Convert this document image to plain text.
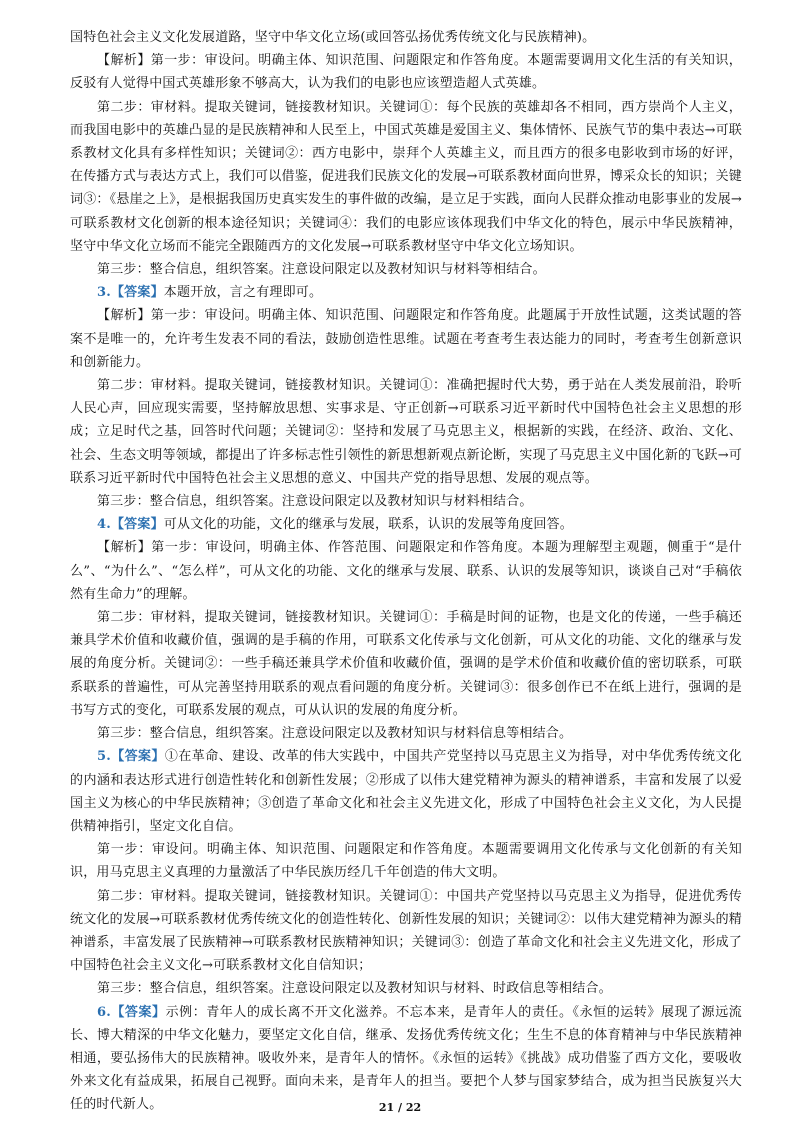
国特色社会主义文化发展道路，坚守中华文化立场(或回答弘扬优秀传统文化与民族精神)。

【解析】第一步：审设问。明确主体、知识范围、问题限定和作答角度。本题需要调用文化生活的有关知识，反驳有人觉得中国式英雄形象不够高大，认为我们的电影也应该塑造超人式英雄。

第二步：审材料。提取关键词，链接教材知识。关键词①：每个民族的英雄却各不相同，西方崇尚个人主义，而我国电影中的英雄凸显的是民族精神和人民至上，中国式英雄是爱国主义、集体情怀、民族气节的集中表达→可联系教材文化具有多样性知识；关键词②：西方电影中，崇拜个人英雄主义，而且西方的很多电影收到市场的好评，在传播方式与表达方式上，我们可以借鉴，促进我们民族文化的发展→可联系教材面向世界，博采众长的知识；关键词③：《悬崖之上》，是根据我国历史真实发生的事件做的改编，是立足于实践，面向人民群众推动电影事业的发展→可联系教材文化创新的根本途径知识；关键词④：我们的电影应该体现我们中华文化的特色，展示中华民族精神，坚守中华文化立场而不能完全跟随西方的文化发展→可联系教材坚守中华文化立场知识。

第三步：整合信息，组织答案。注意设问限定以及教材知识与材料等相结合。

3.【答案】本题开放，言之有理即可。

【解析】第一步：审设问。明确主体、知识范围、问题限定和作答角度。此题属于开放性试题，这类试题的答案不是唯一的，允许考生发表不同的看法，鼓励创造性思维。试题在考查考生表达能力的同时，考查考生创新意识和创新能力。

第二步：审材料。提取关键词，链接教材知识。关键词①：准确把握时代大势，勇于站在人类发展前沿，聆听人民心声，回应现实需要，坚持解放思想、实事求是、守正创新→可联系习近平新时代中国特色社会主义思想的形成；立足时代之基，回答时代问题；关键词②：坚持和发展了马克思主义，根据新的实践，在经济、政治、文化、社会、生态文明等领域，都提出了许多标志性引领性的新思想新观点新论断，实现了马克思主义中国化新的飞跃→可联系习近平新时代中国特色社会主义思想的意义、中国共产党的指导思想、发展的观点等。

第三步：整合信息，组织答案。注意设问限定以及教材知识与材料相结合。

4.【答案】可从文化的功能，文化的继承与发展，联系，认识的发展等角度回答。

【解析】第一步：审设问，明确主体、作答范围、问题限定和作答角度。本题为理解型主观题，侧重于“是什么”、“为什么”、“怎么样”，可从文化的功能、文化的继承与发展、联系、认识的发展等知识，谈谈自己对“手稿依然有生命力”的理解。

第二步：审材料，提取关键词，链接教材知识。关键词①：手稿是时间的证物，也是文化的传递，一些手稿还兼具学术价值和收藏价值，强调的是手稿的作用，可联系文化传承与文化创新，可从文化的功能、文化的继承与发展的角度分析。关键词②：一些手稿还兼具学术价值和收藏价值，强调的是学术价值和收藏价值的密切联系，可联系联系的普遍性，可从完善坚持用联系的观点看问题的角度分析。关键词③：很多创作已不在纸上进行，强调的是书写方式的变化，可联系发展的观点，可从认识的发展的角度分析。

第三步：整合信息，组织答案。注意设问限定以及教材知识与材料信息等相结合。

5.【答案】①在革命、建设、改革的伟大实践中，中国共产党坚持以马克思主义为指导，对中华优秀传统文化的内涵和表达形式进行创造性转化和创新性发展；②形成了以伟大建党精神为源头的精神谱系，丰富和发展了以爱国主义为核心的中华民族精神；③创造了革命文化和社会主义先进文化，形成了中国特色社会主义文化，为人民提供精神指引，坚定文化自信。

第一步：审设问。明确主体、知识范围、问题限定和作答角度。本题需要调用文化传承与文化创新的有关知识，用马克思主义真理的力量激活了中华民族历经几千年创造的伟大文明。

第二步：审材料。提取关键词，链接教材知识。关键词①：中国共产党坚持以马克思主义为指导，促进优秀传统文化的发展→可联系教材优秀传统文化的创造性转化、创新性发展的知识；关键词②：以伟大建党精神为源头的精神谱系，丰富发展了民族精神→可联系教材民族精神知识；关键词③：创造了革命文化和社会主义先进文化，形成了中国特色社会主义文化→可联系教材文化自信知识；

第三步：整合信息，组织答案。注意设问限定以及教材知识与材料、时政信息等相结合。

6.【答案】示例：青年人的成长离不开文化滋养。不忘本来，是青年人的责任。《永恒的运转》展现了源远流长、博大精深的中华文化魅力，要坚定文化自信，继承、发扬优秀传统文化；生生不息的体育精神与中华民族精神相通，要弘扬伟大的民族精神。吸收外来，是青年人的情怀。《永恒的运转》《挑战》成功借鉴了西方文化，要吸收外来文化有益成果，拓展自己视野。面向未来，是青年人的担当。要把个人梦与国家梦结合，成为担当民族复兴大任的时代新人。	21 / 22
